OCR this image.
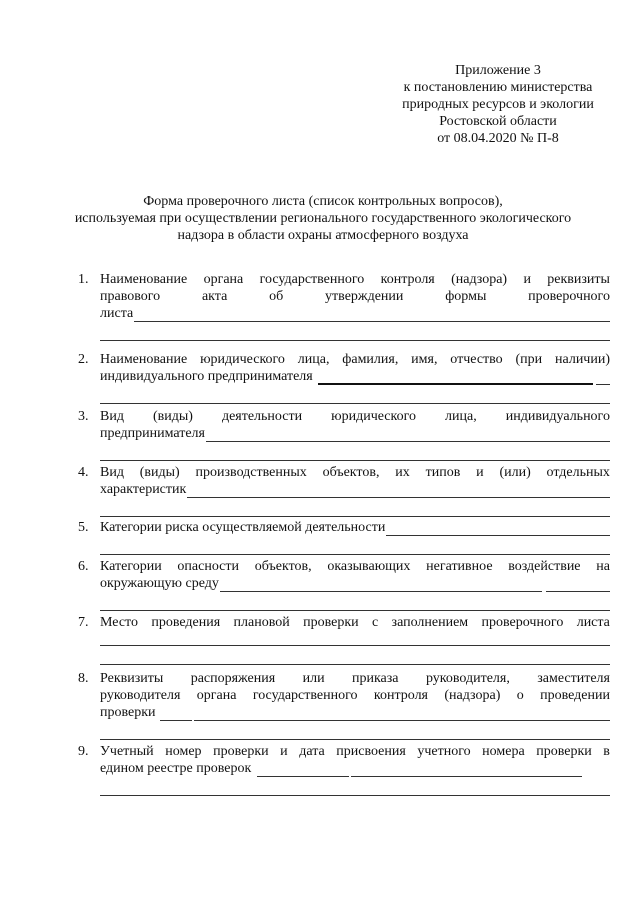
Приложение 3
к постановлению министерства
природных ресурсов и экологии
Ростовской области
от 08.04.2020 № П-8
Форма проверочного листа (список контрольных вопросов),
используемая при осуществлении регионального государственного экологического
надзора в области охраны атмосферного воздуха
1. Наименование органа государственного контроля (надзора) и реквизиты
правового	акта	об	утверждении	формы	проверочного
листа
2. Наименование юридического лица, фамилия, имя, отчество (при наличии)
индивидуального предпринимателя
3. Вид (виды) деятельности юридического лица, индивидуального
предпринимателя
4. Вид (виды) производственных объектов, их типов и (или) отдельных
характеристик
5. Категории риска осуществляемой деятельности
6. Категории опасности объектов, оказывающих негативное воздействие на
окружающую среду
7. Место проведения плановой проверки с заполнением проверочного листа
8. Реквизиты распоряжения или приказа руководителя, заместителя
руководителя органа государственного контроля (надзора) о проведении
проверки
9. Учетный номер проверки и дата присвоения учетного номера проверки в
едином реестре проверок
